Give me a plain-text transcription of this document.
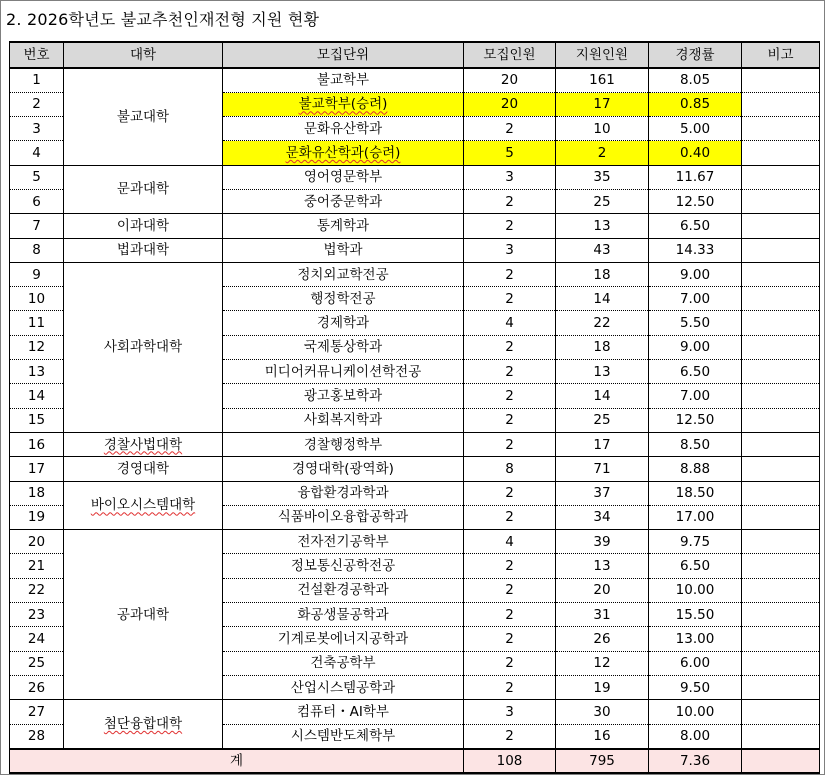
2. 2026학년도 불교추천인재전형 지원 현황
번호	대학	모집단위	모집인원	지원인원	경쟁률	비고
1	불교대학	불교학부	20	161	8.05	
2		불교학부(승려)	20	17	0.85	
3		문화유산학과	2	10	5.00	
4		문화유산학과(승려)	5	2	0.40	
5	문과대학	영어영문학부	3	35	11.67	
6		중어중문학과	2	25	12.50	
7	이과대학	통계학과	2	13	6.50	
8	법과대학	법학과	3	43	14.33	
9	사회과학대학	정치외교학전공	2	18	9.00	
10		행정학전공	2	14	7.00	
11		경제학과	4	22	5.50	
12		국제통상학과	2	18	9.00	
13		미디어커뮤니케이션학전공	2	13	6.50	
14		광고홍보학과	2	14	7.00	
15		사회복지학과	2	25	12.50	
16	경찰사법대학	경찰행정학부	2	17	8.50	
17	경영대학	경영대학(광역화)	8	71	8.88	
18	바이오시스템대학	융합환경과학과	2	37	18.50	
19		식품바이오융합공학과	2	34	17.00	
20	공과대학	전자전기공학부	4	39	9.75	
21		정보통신공학전공	2	13	6.50	
22		건설환경공학과	2	20	10.00	
23		화공생물공학과	2	31	15.50	
24		기계로봇에너지공학과	2	26	13.00	
25		건축공학부	2	12	6.00	
26		산업시스템공학과	2	19	9.50	
27	첨단융합대학	컴퓨터・AI학부	3	30	10.00	
28		시스템반도체학부	2	16	8.00	
계			108	795	7.36	
